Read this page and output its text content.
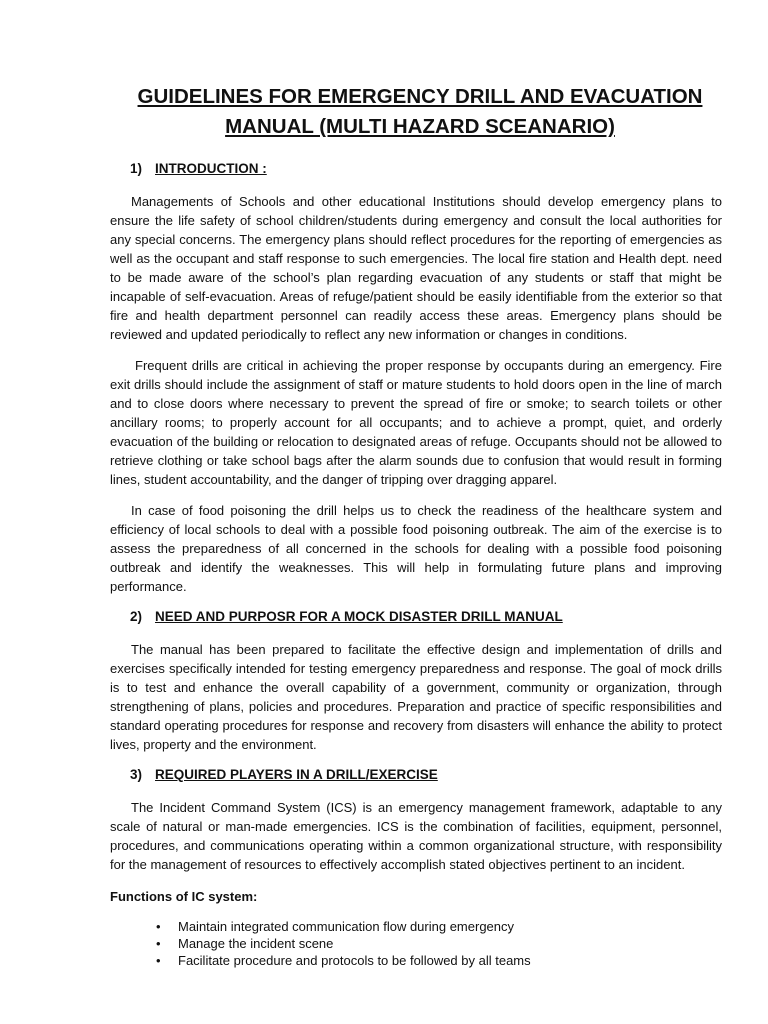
GUIDELINES FOR EMERGENCY DRILL AND EVACUATION
MANUAL (MULTI HAZARD SCEANARIO)
1) INTRODUCTION :

Managements of Schools and other educational Institutions should develop emergency plans to ensure the life safety of school children/students during emergency and consult the local authorities for any special concerns. The emergency plans should reflect procedures for the reporting of emergencies as well as the occupant and staff response to such emergencies. The local fire station and Health dept. need to be made aware of the school’s plan regarding evacuation of any students or staff that might be incapable of self-evacuation. Areas of refuge/patient should be easily identifiable from the exterior so that fire and health department personnel can readily access these areas. Emergency plans should be reviewed and updated periodically to reflect any new information or changes in conditions.

Frequent drills are critical in achieving the proper response by occupants during an emergency. Fire exit drills should include the assignment of staff or mature students to hold doors open in the line of march and to close doors where necessary to prevent the spread of fire or smoke; to search toilets or other ancillary rooms; to properly account for all occupants; and to achieve a prompt, quiet, and orderly evacuation of the building or relocation to designated areas of refuge. Occupants should not be allowed to retrieve clothing or take school bags after the alarm sounds due to confusion that would result in forming lines, student accountability, and the danger of tripping over dragging apparel.

In case of food poisoning the drill helps us to check the readiness of the healthcare system and efficiency of local schools to deal with a possible food poisoning outbreak. The aim of the exercise is to assess the preparedness of all concerned in the schools for dealing with a possible food poisoning outbreak and identify the weaknesses. This will help in formulating future plans and improving performance.

2) NEED AND PURPOSR FOR A MOCK DISASTER DRILL MANUAL

The manual has been prepared to facilitate the effective design and implementation of drills and exercises specifically intended for testing emergency preparedness and response. The goal of mock drills is to test and enhance the overall capability of a government, community or organization, through strengthening of plans, policies and procedures. Preparation and practice of specific responsibilities and standard operating procedures for response and recovery from disasters will enhance the ability to protect lives, property and the environment.

3) REQUIRED PLAYERS IN A DRILL/EXERCISE

The Incident Command System (ICS) is an emergency management framework, adaptable to any scale of natural or man-made emergencies. ICS is the combination of facilities, equipment, personnel, procedures, and communications operating within a common organizational structure, with responsibility for the management of resources to effectively accomplish stated objectives pertinent to an incident.

Functions of IC system:
• Maintain integrated communication flow during emergency
• Manage the incident scene
• Facilitate procedure and protocols to be followed by all teams
